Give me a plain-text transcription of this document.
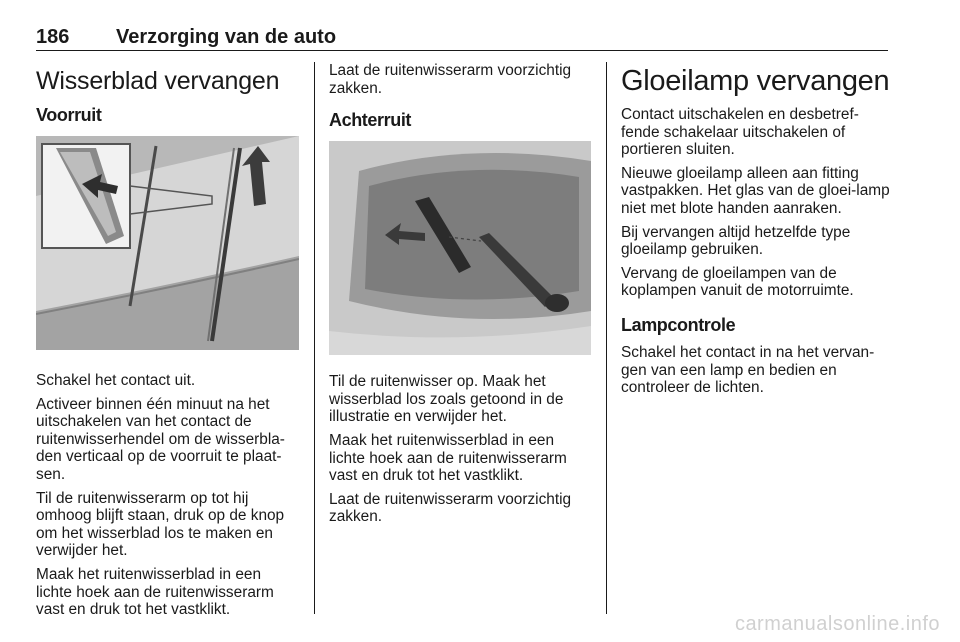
186 Verzorging van de auto
Wisserblad vervangen
Voorruit

Schakel het contact uit.

Activeer binnen één minuut na het uitschakelen van het contact de ruitenwisserhendel om de wisserbla-den verticaal op de voorruit te plaat-sen.

Til de ruitenwisserarm op tot hij omhoog blijft staan, druk op de knop om het wisserblad los te maken en verwijder het.

Maak het ruitenwisserblad in een lichte hoek aan de ruitenwisserarm vast en druk tot het vastklikt.

Laat de ruitenwisserarm voorzichtig zakken.

Achterruit

Til de ruitenwisser op. Maak het wisserblad los zoals getoond in de illustratie en verwijder het.

Maak het ruitenwisserblad in een lichte hoek aan de ruitenwisserarm vast en druk tot het vastklikt.

Laat de ruitenwisserarm voorzichtig zakken.

Gloeilamp vervangen

Contact uitschakelen en desbetref-fende schakelaar uitschakelen of portieren sluiten.

Nieuwe gloeilamp alleen aan fitting vastpakken. Het glas van de gloei-lamp niet met blote handen aanraken.

Bij vervangen altijd hetzelfde type gloeilamp gebruiken.

Vervang de gloeilampen van de koplampen vanuit de motorruimte.

Lampcontrole

Schakel het contact in na het vervan-gen van een lamp en bedien en controleer de lichten.

carmanualsonline.info
